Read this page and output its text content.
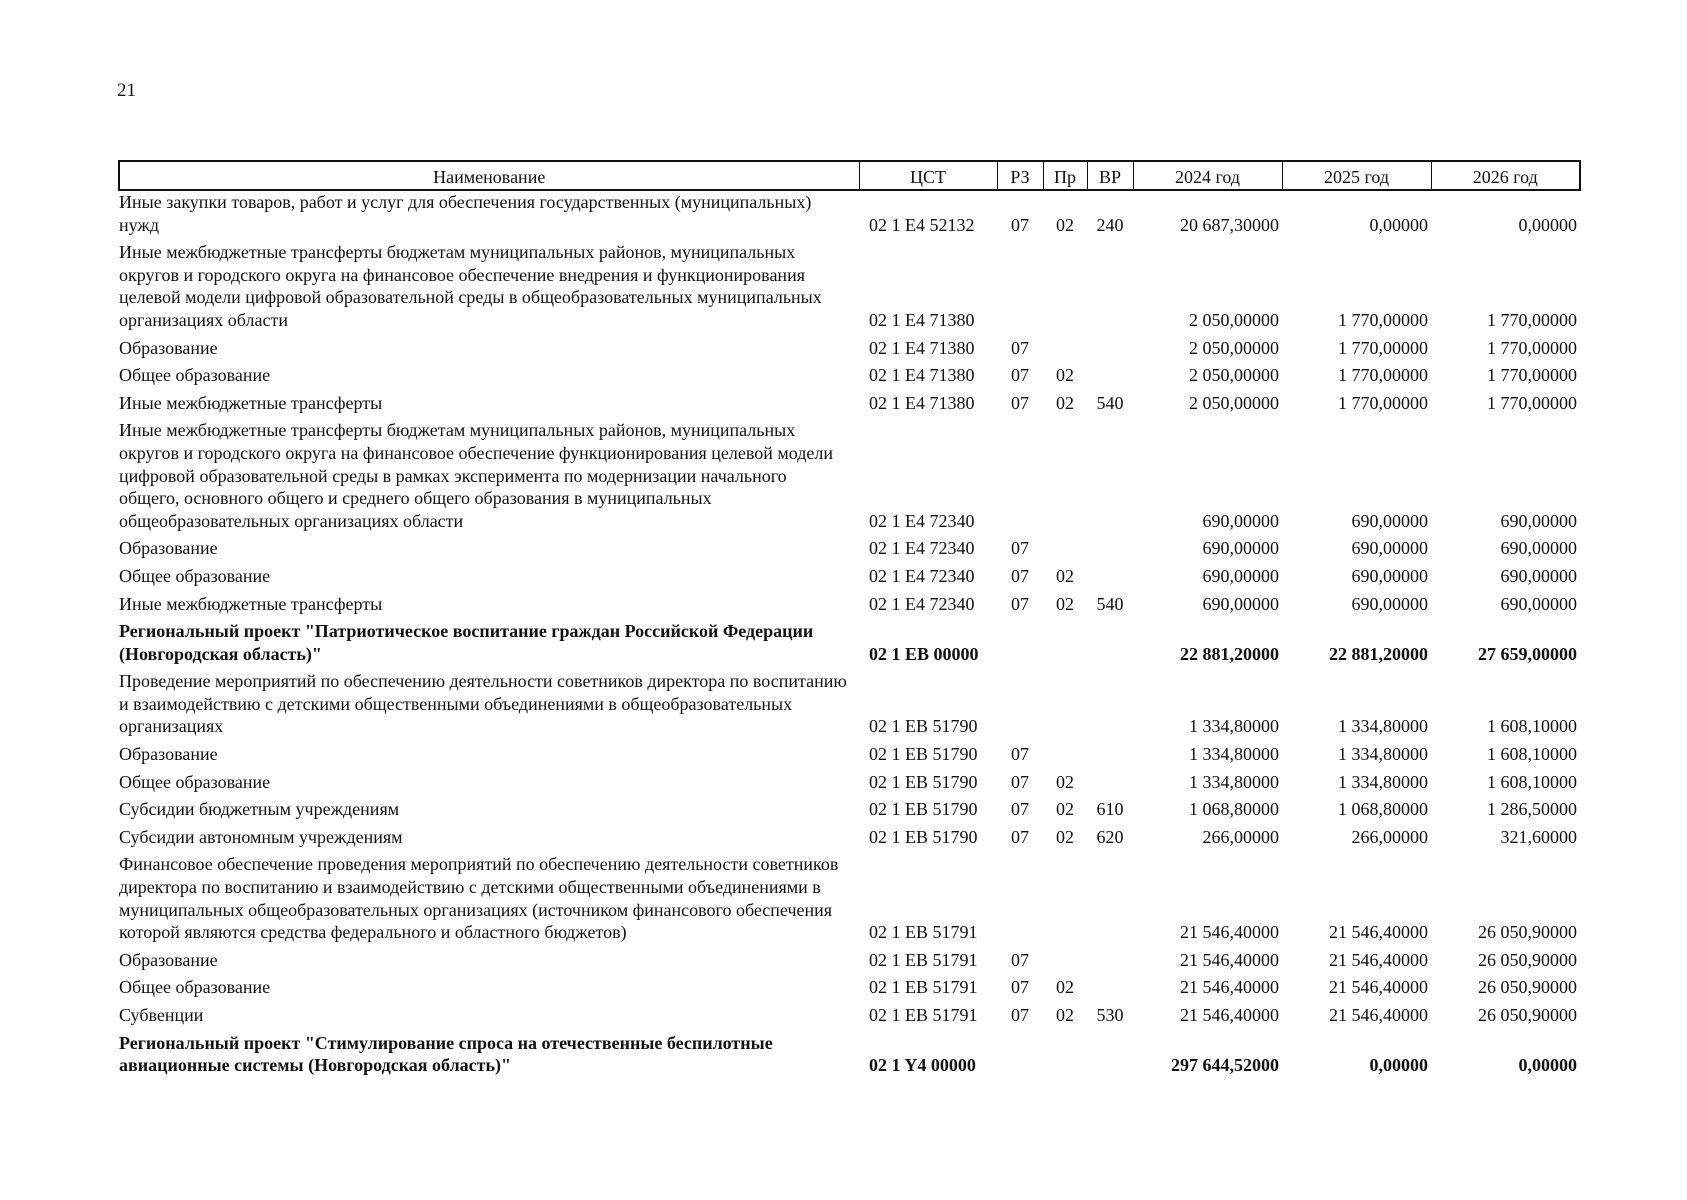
21
Наименование	ЦСТ	РЗ	Пр	ВР	2024 год	2025 год	2026 год
Иные закупки товаров, работ и услуг для обеспечения государственных (муниципальных) нужд	02 1 Е4 52132	07	02	240	20 687,30000	0,00000	0,00000
Иные межбюджетные трансферты бюджетам муниципальных районов, муниципальных округов и городского округа на финансовое обеспечение внедрения и функционирования целевой модели цифровой образовательной среды в общеобразовательных муниципальных организациях области	02 1 Е4 71380				2 050,00000	1 770,00000	1 770,00000
Образование	02 1 Е4 71380	07			2 050,00000	1 770,00000	1 770,00000
Общее образование	02 1 Е4 71380	07	02		2 050,00000	1 770,00000	1 770,00000
Иные межбюджетные трансферты	02 1 Е4 71380	07	02	540	2 050,00000	1 770,00000	1 770,00000
Иные межбюджетные трансферты бюджетам муниципальных районов, муниципальных округов и городского округа на финансовое обеспечение функционирования целевой модели цифровой образовательной среды в рамках эксперимента по модернизации начального общего, основного общего и среднего общего образования в муниципальных общеобразовательных организациях области	02 1 Е4 72340				690,00000	690,00000	690,00000
Образование	02 1 Е4 72340	07			690,00000	690,00000	690,00000
Общее образование	02 1 Е4 72340	07	02		690,00000	690,00000	690,00000
Иные межбюджетные трансферты	02 1 Е4 72340	07	02	540	690,00000	690,00000	690,00000
Региональный проект "Патриотическое воспитание граждан Российской Федерации (Новгородская область)"	02 1 ЕВ 00000				22 881,20000	22 881,20000	27 659,00000
Проведение мероприятий по обеспечению деятельности советников директора по воспитанию и взаимодействию с детскими общественными объединениями в общеобразовательных организациях	02 1 ЕВ 51790				1 334,80000	1 334,80000	1 608,10000
Образование	02 1 ЕВ 51790	07			1 334,80000	1 334,80000	1 608,10000
Общее образование	02 1 ЕВ 51790	07	02		1 334,80000	1 334,80000	1 608,10000
Субсидии бюджетным учреждениям	02 1 ЕВ 51790	07	02	610	1 068,80000	1 068,80000	1 286,50000
Субсидии автономным учреждениям	02 1 ЕВ 51790	07	02	620	266,00000	266,00000	321,60000
Финансовое обеспечение проведения мероприятий по обеспечению деятельности советников директора по воспитанию и взаимодействию с детскими общественными объединениями в муниципальных общеобразовательных организациях (источником финансового обеспечения которой являются средства федерального и областного бюджетов)	02 1 ЕВ 51791				21 546,40000	21 546,40000	26 050,90000
Образование	02 1 ЕВ 51791	07			21 546,40000	21 546,40000	26 050,90000
Общее образование	02 1 ЕВ 51791	07	02		21 546,40000	21 546,40000	26 050,90000
Субвенции	02 1 ЕВ 51791	07	02	530	21 546,40000	21 546,40000	26 050,90000
Региональный проект "Стимулирование спроса на отечественные беспилотные авиационные системы (Новгородская область)"	02 1 Y4 00000				297 644,52000	0,00000	0,00000
